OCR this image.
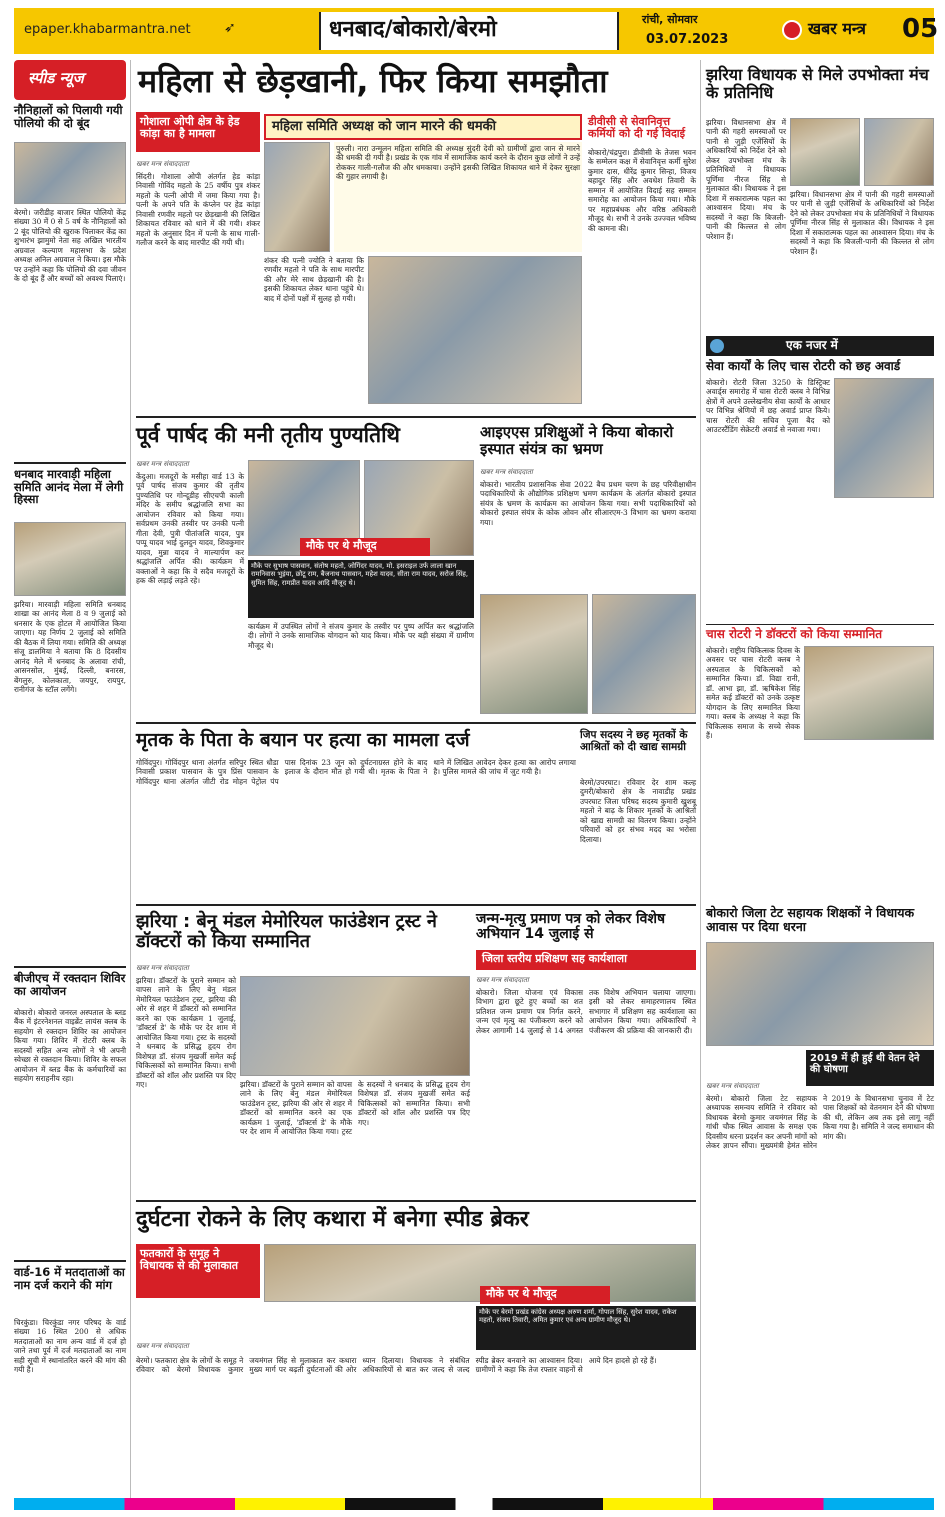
epaper.khabarmantra.net ➶	धनबाद/बोकारो/बेरमो	रांची, सोमवार
03.07.2023
खबर मन्त्र 05
स्पीड न्यूज
नौनिहालों को पिलायी गयी पोलियो की दो बूंद
बेरमो। जरीडीह बाजार स्थित पोलियो केंद्र संख्या 30 में 0 से 5 वर्ष के नौनिहालों को 2 बूंद पोलियो की खुराक पिलाकर केंद्र का शुभारंभ झामुमो नेता सह अखिल भारतीय अग्रवाल कल्याण महासभा के प्रदेश अध्यक्ष अनिल अग्रवाल ने किया। इस मौके पर उन्होंने कहा कि पोलियो की दवा जीवन के दो बूंद हैं और बच्चों को अवश्य पिलाएं।
धनबाद मारवाड़ी महिला समिति आनंद मेला में लेगी हिस्सा
झरिया। मारवाड़ी महिला समिति धनबाद शाखा का आनंद मेला 8 व 9 जुलाई को धनसार के एक होटल में आयोजित किया जाएगा। यह निर्णय 2 जुलाई को समिति की बैठक में लिया गया। समिति की अध्यक्ष संजू डालमिया ने बताया कि 8 दिवसीय आनंद मेले में धनबाद के अलावा रांची, आसनसोल, मुंबई, दिल्ली, बनारस, बेंगलुरु, कोलकाता, जयपुर, रायपुर, रानीगंज के स्टॉल लगेंगे।
बीजीएच में रक्तदान शिविर का आयोजन
बोकारो। बोकारो जनरल अस्पताल के ब्लड बैंक में इंटरनेशनल वाइब्रेंट लायंस क्लब के सहयोग से रक्तदान शिविर का आयोजन किया गया। शिविर में रोटरी क्लब के सदस्यों सहित अन्य लोगों ने भी अपनी स्वेच्छा से रक्तदान किया। शिविर के सफल आयोजन में ब्लड बैंक के कर्मचारियों का सहयोग सराहनीय रहा।
वार्ड-16 में मतदाताओं का नाम दर्ज कराने की मांग
चिरकुंडा। चिरकुंडा नगर परिषद के वार्ड संख्या 16 स्थित 200 से अधिक मतदाताओं का नाम अन्य वार्ड में दर्ज हो जाने तथा पूर्व में दर्ज मतदाताओं का नाम सही सूची में स्थानांतरित करने की मांग की गयी है।
महिला से छेड़खानी, फिर किया समझौता
गोशाला ओपी क्षेत्र के हेड कांड़ा का है मामला	महिला समिति अध्यक्ष को जान मारने की धमकी
खबर मन्त्र संवाददाता
सिंदरी। गोशाला ओपी अंतर्गत हेड कांड़ा निवासी गोविंद महतो के 25 वर्षीय पुत्र शंकर महतो के पत्नी ओपी में जमा किया गया है। पत्नी के अपने पति के कंप्लेन पर हेड कांड़ा निवासी रणवीर महतो पर छेड़खानी की लिखित शिकायत रविवार को थाने में की गयी। शंकर महतो के अनुसार दिन में पत्नी के साथ गाली-गलौज करने के बाद मारपीट की गयी थी।
पुरुली। नारा उन्मूलन महिला समिति की अध्यक्ष सुंदरी देवी को ग्रामीणों द्वारा जान से मारने की धमकी दी गयी है। प्रखंड के एक गांव में सामाजिक कार्य करने के दौरान कुछ लोगों ने उन्हें रोककर गाली-गलौज की और धमकाया। उन्होंने इसकी लिखित शिकायत थाने में देकर सुरक्षा की गुहार लगायी है।
शंकर की पत्नी ज्योति ने बताया कि रणवीर महतो ने पति के साथ मारपीट की और मेरे साथ छेड़खानी की है। इसकी शिकायत लेकर थाना पहुंचे थे। बाद में दोनों पक्षों में सुलह हो गयी।
डीवीसी से सेवानिवृत्त कर्मियों को दी गई विदाई
बोकारो/चंद्रपुरा। डीवीसी के तेजस भवन के सम्मेलन कक्ष में सेवानिवृत्त कर्मी सुरेश कुमार दास, धीरेंद्र कुमार सिन्हा, विजय बहादुर सिंह और अवधेश तिवारी के सम्मान में आयोजित विदाई सह सम्मान समारोह का आयोजन किया गया। मौके पर महाप्रबंधक और वरिष्ठ अधिकारी मौजूद थे। सभी ने उनके उज्ज्वल भविष्य की कामना की।
झरिया विधायक से मिले उपभोक्ता मंच के प्रतिनिधि
झरिया। विधानसभा क्षेत्र में पानी की गहरी समस्याओं पर पानी से जुड़ी एजेंसियों के अधिकारियों को निर्देश देने को लेकर उपभोक्ता मंच के प्रतिनिधियों ने विधायक पूर्णिमा नीरज सिंह से मुलाकात की। विधायक ने इस दिशा में सकारात्मक पहल का आश्वासन दिया। मंच के सदस्यों ने कहा कि बिजली-पानी की किल्लत से लोग परेशान हैं।
झरिया। विधानसभा क्षेत्र में पानी की गहरी समस्याओं पर पानी से जुड़ी एजेंसियों के अधिकारियों को निर्देश देने को लेकर उपभोक्ता मंच के प्रतिनिधियों ने विधायक पूर्णिमा नीरज सिंह से मुलाकात की। विधायक ने इस दिशा में सकारात्मक पहल का आश्वासन दिया। मंच के सदस्यों ने कहा कि बिजली-पानी की किल्लत से लोग परेशान हैं।
एक नजर में
सेवा कार्यों के लिए चास रोटरी को छह अवार्ड
बोकारो। रोटरी जिला 3250 के डिस्ट्रिक्ट अवार्ड्स समारोह में चास रोटरी क्लब ने विभिन्न क्षेत्रों में अपने उल्लेखनीय सेवा कार्यों के आधार पर विभिन्न श्रेणियों में छह अवार्ड प्राप्त किये। चास रोटरी की सचिव पूजा बैद को आउटस्टैंडिंग सेक्रेटरी अवार्ड से नवाजा गया।
चास रोटरी ने डॉक्टरों को किया सम्मानित
बोकारो। राष्ट्रीय चिकित्सक दिवस के अवसर पर चास रोटरी क्लब ने अस्पताल के चिकित्सकों को सम्मानित किया। डॉ. विद्या रानी, डॉ. आभा झा, डॉ. ऋषिकेश सिंह समेत कई डॉक्टरों को उनके उत्कृष्ट योगदान के लिए सम्मानित किया गया। क्लब के अध्यक्ष ने कहा कि चिकित्सक समाज के सच्चे सेवक हैं।
पूर्व पार्षद की मनी तृतीय पुण्यतिथि
खबर मन्त्र संवाददाता
केंदुआ। मजदूरों के मसीहा वार्ड 13 के पूर्व पार्षद संजय कुमार की तृतीय पुण्यतिथि पर गोन्दूडीह सीएचपी काली मंदिर के समीप श्रद्धांजलि सभा का आयोजन रविवार को किया गया। सर्वप्रथम उनकी तस्वीर पर उनकी पत्नी गीता देवी, पुत्री पीतांजलि यादव, पुत्र पप्पू यादव भाई दुलदुन यादव, शिवकुमार यादव, मुन्ना यादव ने माल्यार्पण कर श्रद्धांजलि अर्पित की। कार्यक्रम में वक्ताओं ने कहा कि वे सदैव मजदूरों के हक की लड़ाई लड़ते रहे।
मौके पर थे मौजूद
मौके पर सुभाष पासवान, संतोष महतो, जोगिंदर यादव, मो. इसराइल उर्फ लाला खान रामनिवास भुइंया, छोटू राम, बैजनाथ पासवान, महेश यादव, सीता राम यादव, सरोज सिंह, सुमित सिंह, रामप्रीत यादव आदि मौजूद थे।
कार्यक्रम में उपस्थित लोगों ने संजय कुमार के तस्वीर पर पुष्प अर्पित कर श्रद्धांजलि दी। लोगों ने उनके सामाजिक योगदान को याद किया। मौके पर बड़ी संख्या में ग्रामीण मौजूद थे।
आइएएस प्रशिक्षुओं ने किया बोकारो इस्पात संयंत्र का भ्रमण
खबर मन्त्र संवाददाता
बोकारो। भारतीय प्रशासनिक सेवा 2022 बैच प्रथम चरण के छह परिवीक्षाधीन पदाधिकारियों के औद्योगिक प्रशिक्षण भ्रमण कार्यक्रम के अंतर्गत बोकारो इस्पात संयंत्र के भ्रमण के कार्यक्रम का आयोजन किया गया। सभी पदाधिकारियों को बोकारो इस्पात संयंत्र के कोक ओवन और सीआरएम-3 विभाग का भ्रमण कराया गया।
मृतक के पिता के बयान पर हत्या का मामला दर्ज
गोविंदपुर। गोविंदपुर थाना अंतर्गत सरिपुर स्थित धौडा निवासी प्रकाश पासवान के पुत्र प्रिंस पासवान के गोविंदपुर थाना अंतर्गत जीटी रोड मोहन पेट्रोल पंप पास दिनांक 23 जून को दुर्घटनाग्रस्त होने के बाद इलाज के दौरान मौत हो गयी थी। मृतक के पिता ने थाने में लिखित आवेदन देकर हत्या का आरोप लगाया है। पुलिस मामले की जांच में जुट गयी है।
जिप सदस्य ने छह मृतकों के आश्रितों को दी खाद्य सामग्री
बेरमो/उपरघाट। रविवार देर शाम कल्ह दुमरी/बोकारो क्षेत्र के नावाडीह प्रखंड उपरघाट जिला परिषद सदस्य कुमारी खुशबू महतो ने बाढ़ के शिकार मृतकों के आश्रितों को खाद्य सामग्री का वितरण किया। उन्होंने परिवारों को हर संभव मदद का भरोसा दिलाया।
झरिया : बेनू मंडल मेमोरियल फाउंडेशन ट्रस्ट ने डॉक्टरों को किया सम्मानित
खबर मन्त्र संवाददाता
झरिया। डॉक्टरों के पुराने सम्मान को वापस लाने के लिए बेनु मंडल मेमोरियल फाउंडेशन ट्रस्ट, झरिया की ओर से शहर में डॉक्टरों को सम्मानित करने का एक कार्यक्रम 1 जुलाई, 'डॉक्टर्स डे' के मौके पर देर शाम में आयोजित किया गया। ट्रस्ट के सदस्यों ने धनबाद के प्रसिद्ध हृदय रोग विशेषज्ञ डॉ. संजय मुखर्जी समेत कई चिकित्सकों को सम्मानित किया। सभी डॉक्टरों को शॉल और प्रशस्ति पत्र दिए गए।	झरिया। डॉक्टरों के पुराने सम्मान को वापस लाने के लिए बेनु मंडल मेमोरियल फाउंडेशन ट्रस्ट, झरिया की ओर से शहर में डॉक्टरों को सम्मानित करने का एक कार्यक्रम 1 जुलाई, 'डॉक्टर्स डे' के मौके पर देर शाम में आयोजित किया गया। ट्रस्ट के सदस्यों ने धनबाद के प्रसिद्ध हृदय रोग विशेषज्ञ डॉ. संजय मुखर्जी समेत कई चिकित्सकों को सम्मानित किया। सभी डॉक्टरों को शॉल और प्रशस्ति पत्र दिए गए।
जन्म-मृत्यु प्रमाण पत्र को लेकर विशेष अभियान 14 जुलाई से
जिला स्तरीय प्रशिक्षण सह कार्यशाला
खबर मन्त्र संवाददाता
बोकारो। जिला योजना एवं विकास विभाग द्वारा छूटे हुए बच्चों का शत प्रतिशत जन्म प्रमाण पत्र निर्गत करने, जन्म एवं मृत्यु का पंजीकरण करने को लेकर आगामी 14 जुलाई से 14 अगस्त तक विशेष अभियान चलाया जाएगा। इसी को लेकर समाहरणालय स्थित सभागार में प्रशिक्षण सह कार्यशाला का आयोजन किया गया। अधिकारियों ने पंजीकरण की प्रक्रिया की जानकारी दी।
बोकारो जिला टेट सहायक शिक्षकों ने विधायक आवास पर दिया धरना
2019 में ही हुई थी वेतन देने की घोषणा
खबर मन्त्र संवाददाता
बेरमो। बोकारो जिला टेट सहायक अध्यापक समन्वय समिति ने रविवार को विधायक बेरमो कुमार जयमंगल सिंह के गांधी चौक स्थित आवास के समक्ष एक दिवसीय धरना प्रदर्शन कर अपनी मांगों को लेकर ज्ञापन सौंपा। मुख्यमंत्री हेमंत सोरेन ने 2019 के विधानसभा चुनाव में टेट पास शिक्षकों को वेतनमान देने की घोषणा की थी, लेकिन अब तक इसे लागू नहीं किया गया है। समिति ने जल्द समाधान की मांग की।
दुर्घटना रोकने के लिए कथारा में बनेगा स्पीड ब्रेकर
फतकारों के समूह ने विधायक से की मुलाकात
मौके पर थे मौजूद
मौके पर बेरमो प्रखंड कांग्रेस अध्यक्ष अरुण शर्मा, गोपाल सिंह, सुरेश यादव, राकेश महतो, संजय तिवारी, अमित कुमार एवं अन्य ग्रामीण मौजूद थे।
खबर मन्त्र संवाददाता
बेरमो। फतकारा क्षेत्र के लोगों के समूह ने रविवार को बेरमो विधायक कुमार जयमंगल सिंह से मुलाकात कर कथारा मुख्य मार्ग पर बढ़ती दुर्घटनाओं की ओर ध्यान दिलाया। विधायक ने संबंधित अधिकारियों से बात कर जल्द से जल्द स्पीड ब्रेकर बनवाने का आश्वासन दिया। ग्रामीणों ने कहा कि तेज रफ्तार वाहनों से आये दिन हादसे हो रहे हैं।
